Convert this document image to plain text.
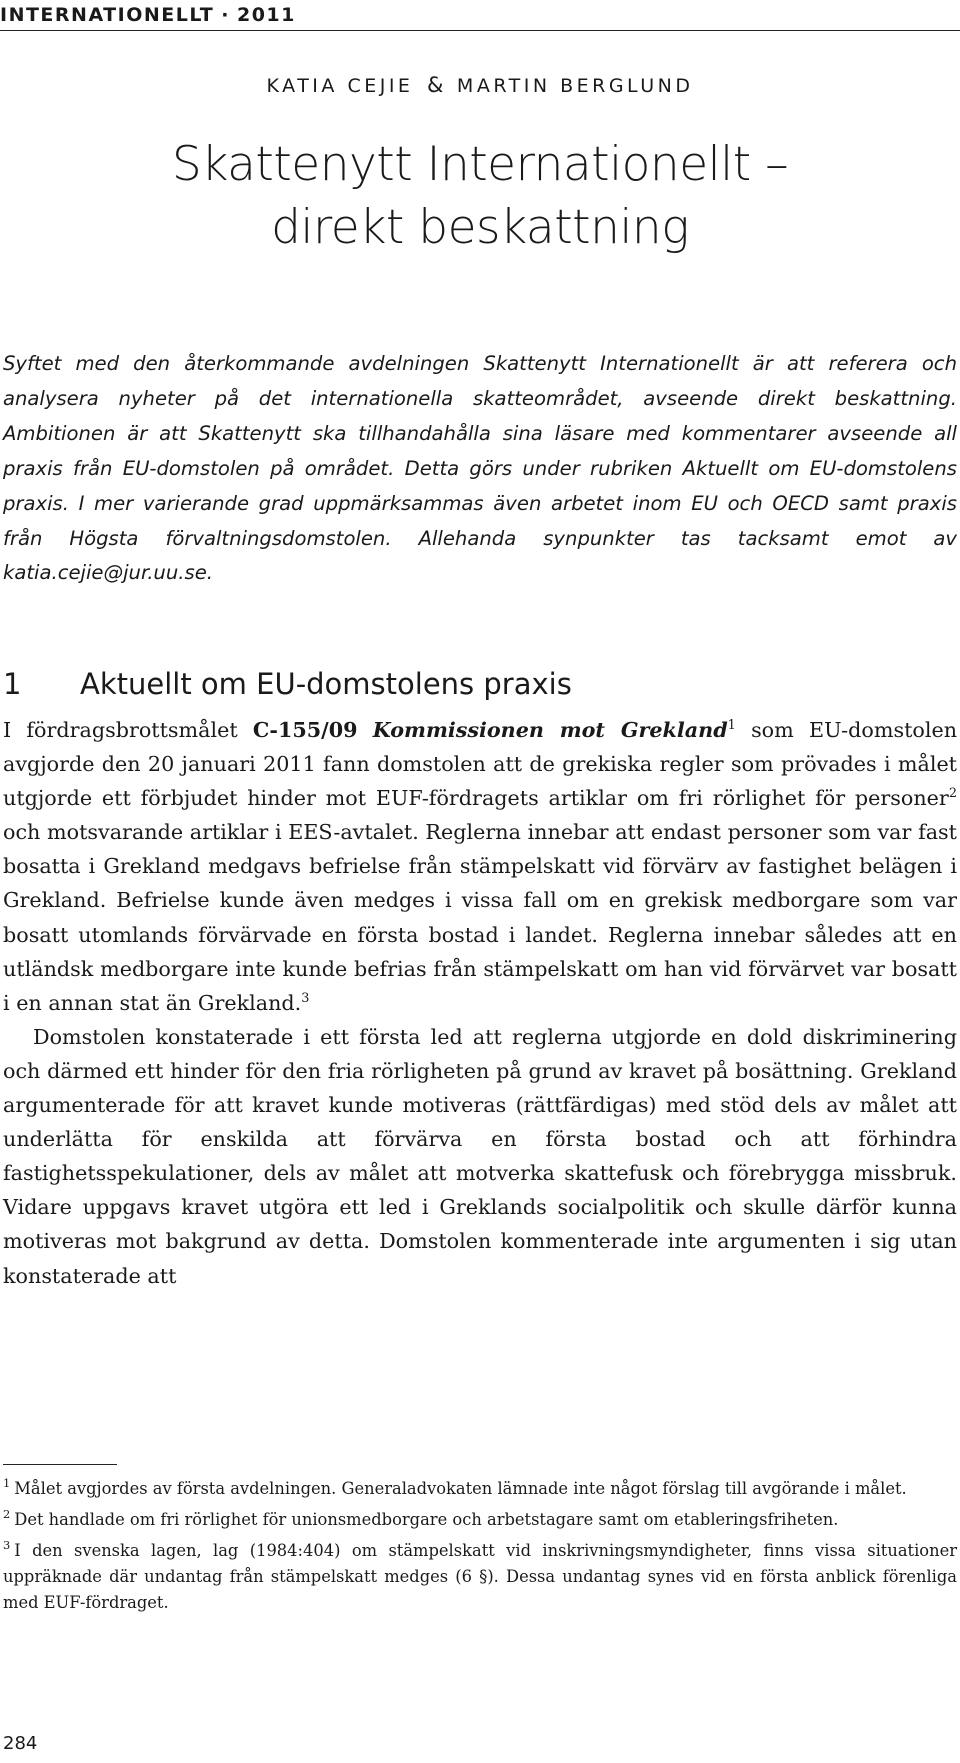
INTERNATIONELLT · 2011
KATIA CEJIE & MARTIN BERGLUND
Skattenytt Internationellt –
direkt beskattning
Syftet med den återkommande avdelningen Skattenytt Internationellt är att referera och analysera nyheter på det internationella skatteområdet, avseende direkt beskattning. Ambitionen är att Skattenytt ska tillhandahålla sina läsare med kommentarer avseende all praxis från EU-domstolen på området. Detta görs under rubriken Aktuellt om EU-domstolens praxis. I mer varierande grad uppmärksammas även arbetet inom EU och OECD samt praxis från Högsta förvaltningsdomstolen. Allehanda synpunkter tas tacksamt emot av katia.cejie@jur.uu.se.
1 Aktuellt om EU-domstolens praxis

I fördragsbrottsmålet C-155/09 Kommissionen mot Grekland$^1$ som EU-domstolen avgjorde den 20 januari 2011 fann domstolen att de grekiska regler som prövades i målet utgjorde ett förbjudet hinder mot EUF-fördragets artiklar om fri rörlighet för personer$^2$ och motsvarande artiklar i EES-avtalet. Reglerna innebar att endast personer som var fast bosatta i Grekland medgavs befrielse från stämpelskatt vid förvärv av fastighet belägen i Grekland. Befrielse kunde även medges i vissa fall om en grekisk medborgare som var bosatt utomlands förvärvade en första bostad i landet. Reglerna innebar således att en utländsk medborgare inte kunde befrias från stämpelskatt om han vid förvärvet var bosatt i en annan stat än Grekland.$^3$

Domstolen konstaterade i ett första led att reglerna utgjorde en dold diskriminering och därmed ett hinder för den fria rörligheten på grund av kravet på bosättning. Grekland argumenterade för att kravet kunde motiveras (rättfärdigas) med stöd dels av målet att underlätta för enskilda att förvärva en första bostad och att förhindra fastighetsspekulationer, dels av målet att motverka skattefusk och förebrygga missbruk. Vidare uppgavs kravet utgöra ett led i Greklands socialpolitik och skulle därför kunna motiveras mot bakgrund av detta. Domstolen kommenterade inte argumenten i sig utan konstaterade att

$^1$ Målet avgjordes av första avdelningen. Generaladvokaten lämnade inte något förslag till avgörande i målet.

$^2$ Det handlade om fri rörlighet för unionsmedborgare och arbetstagare samt om etableringsfriheten.

$^3$ I den svenska lagen, lag (1984:404) om stämpelskatt vid inskrivningsmyndigheter, finns vissa situationer uppräknade där undantag från stämpelskatt medges (6 §). Dessa undantag synes vid en första anblick förenliga med EUF-fördraget.

284
